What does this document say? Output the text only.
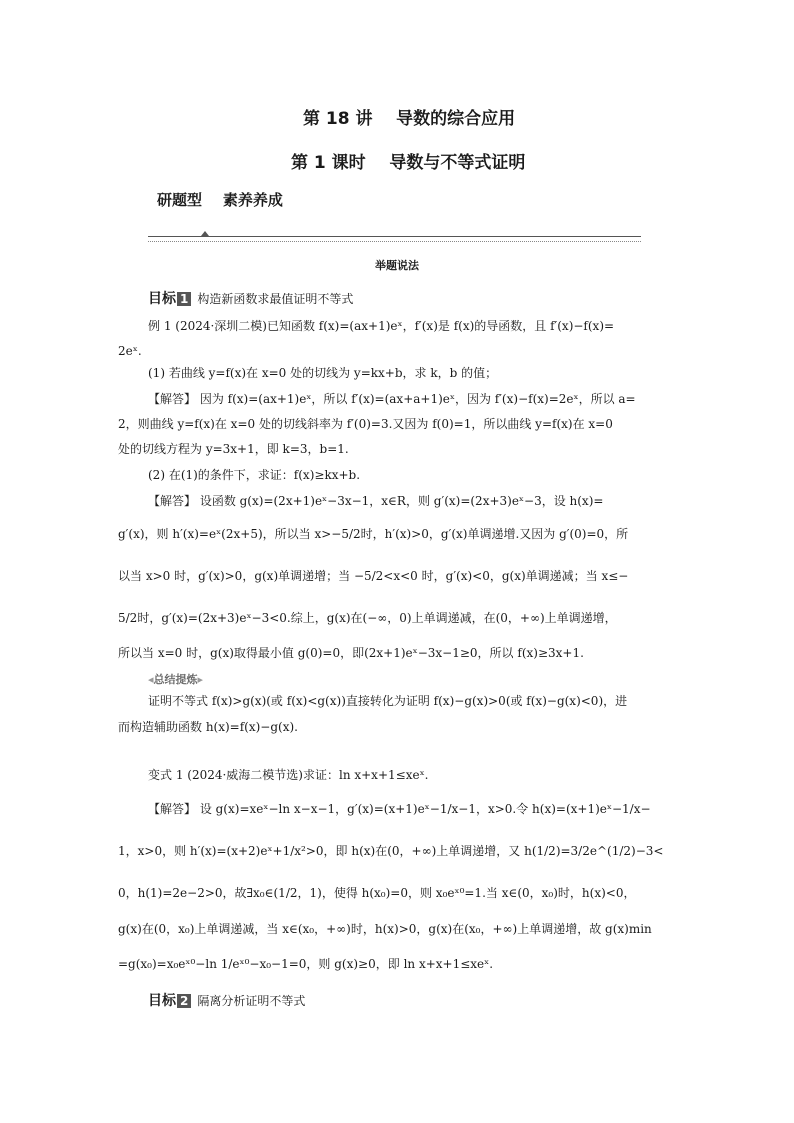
第 18 讲    导数的综合应用
第 1 课时    导数与不等式证明
研题型    素养养成
举题说法
目标 1 构造新函数求最值证明不等式
例 1 (2024·深圳二模)已知函数 f(x)=(ax+1)eˣ，f′(x)是 f(x)的导函数，且 f′(x)−f(x)=
2eˣ.
(1) 若曲线 y=f(x)在 x=0 处的切线为 y=kx+b，求 k，b 的值；
【解答】 因为 f(x)=(ax+1)eˣ，所以 f′(x)=(ax+a+1)eˣ，因为 f′(x)−f(x)=2eˣ，所以 a=
2，则曲线 y=f(x)在 x=0 处的切线斜率为 f′(0)=3.又因为 f(0)=1，所以曲线 y=f(x)在 x=0
处的切线方程为 y=3x+1，即 k=3，b=1.
(2) 在(1)的条件下，求证：f(x)≥kx+b.
【解答】 设函数 g(x)=(2x+1)eˣ−3x−1，x∈R，则 g′(x)=(2x+3)eˣ−3，设 h(x)=
g′(x)，则 h′(x)=eˣ(2x+5)，所以当 x>−5/2时，h′(x)>0，g′(x)单调递增.又因为 g′(0)=0，所
以当 x>0 时，g′(x)>0，g(x)单调递增；当 −5/2<x<0 时，g′(x)<0，g(x)单调递减；当 x≤−
5/2时，g′(x)=(2x+3)eˣ−3<0.综上，g(x)在(−∞，0)上单调递减，在(0，+∞)上单调递增，
所以当 x=0 时，g(x)取得最小值 g(0)=0，即(2x+1)eˣ−3x−1≥0，所以 f(x)≥3x+1.
◂总结提炼▸
证明不等式 f(x)>g(x)(或 f(x)<g(x))直接转化为证明 f(x)−g(x)>0(或 f(x)−g(x)<0)，进
而构造辅助函数 h(x)=f(x)−g(x).
变式 1 (2024·威海二模节选)求证：ln x+x+1≤xeˣ.
【解答】 设 g(x)=xeˣ−ln x−x−1，g′(x)=(x+1)eˣ−1/x−1，x>0.令 h(x)=(x+1)eˣ−1/x−
1，x>0，则 h′(x)=(x+2)eˣ+1/x²>0，即 h(x)在(0，+∞)上单调递增，又 h(1/2)=3/2e^(1/2)−3<
0，h(1)=2e−2>0，故∃x₀∈(1/2，1)，使得 h(x₀)=0，则 x₀eˣ⁰=1.当 x∈(0，x₀)时，h(x)<0，
g(x)在(0，x₀)上单调递减，当 x∈(x₀，+∞)时，h(x)>0，g(x)在(x₀，+∞)上单调递增，故 g(x)min
=g(x₀)=x₀eˣ⁰−ln 1/eˣ⁰−x₀−1=0，则 g(x)≥0，即 ln x+x+1≤xeˣ.
目标 2 隔离分析证明不等式
